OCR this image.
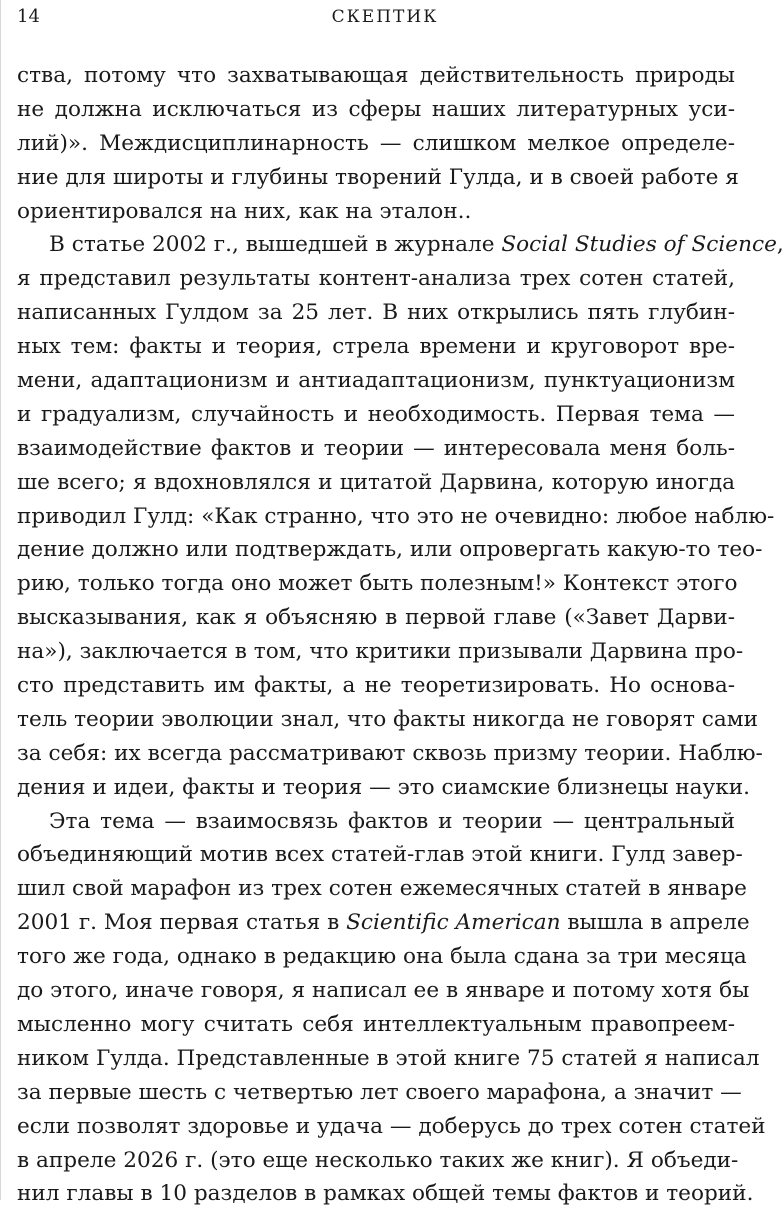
14	СКЕПТИК
ства, потому что захватывающая действительность природы
не должна исключаться из сферы наших литературных уси-
лий)». Междисциплинарность — слишком мелкое определе-
ние для широты и глубины творений Гулда, и в своей работе я
ориентировался на них, как на эталон..
В статье 2002 г., вышедшей в журнале Social Studies of Science,
я представил результаты контент-анализа трех сотен статей,
написанных Гулдом за 25 лет. В них открылись пять глубин-
ных тем: факты и теория, стрела времени и круговорот вре-
мени, адаптационизм и антиадаптационизм, пунктуационизм
и градуализм, случайность и необходимость. Первая тема —
взаимодействие фактов и теории — интересовала меня боль-
ше всего; я вдохновлялся и цитатой Дарвина, которую иногда
приводил Гулд: «Как странно, что это не очевидно: любое наблю-
дение должно или подтверждать, или опровергать какую-то тео-
рию, только тогда оно может быть полезным!» Контекст этого
высказывания, как я объясняю в первой главе («Завет Дарви-
на»), заключается в том, что критики призывали Дарвина про-
сто представить им факты, а не теоретизировать. Но основа-
тель теории эволюции знал, что факты никогда не говорят сами
за себя: их всегда рассматривают сквозь призму теории. Наблю-
дения и идеи, факты и теория — это сиамские близнецы науки.
Эта тема — взаимосвязь фактов и теории — центральный
объединяющий мотив всех статей-глав этой книги. Гулд завер-
шил свой марафон из трех сотен ежемесячных статей в январе
2001 г. Моя первая статья в Scientific American вышла в апреле
того же года, однако в редакцию она была сдана за три месяца
до этого, иначе говоря, я написал ее в январе и потому хотя бы
мысленно могу считать себя интеллектуальным правопреем-
ником Гулда. Представленные в этой книге 75 статей я написал
за первые шесть с четвертью лет своего марафона, а значит —
если позволят здоровье и удача — доберусь до трех сотен статей
в апреле 2026 г. (это еще несколько таких же книг). Я объеди-
нил главы в 10 разделов в рамках общей темы фактов и теорий.
